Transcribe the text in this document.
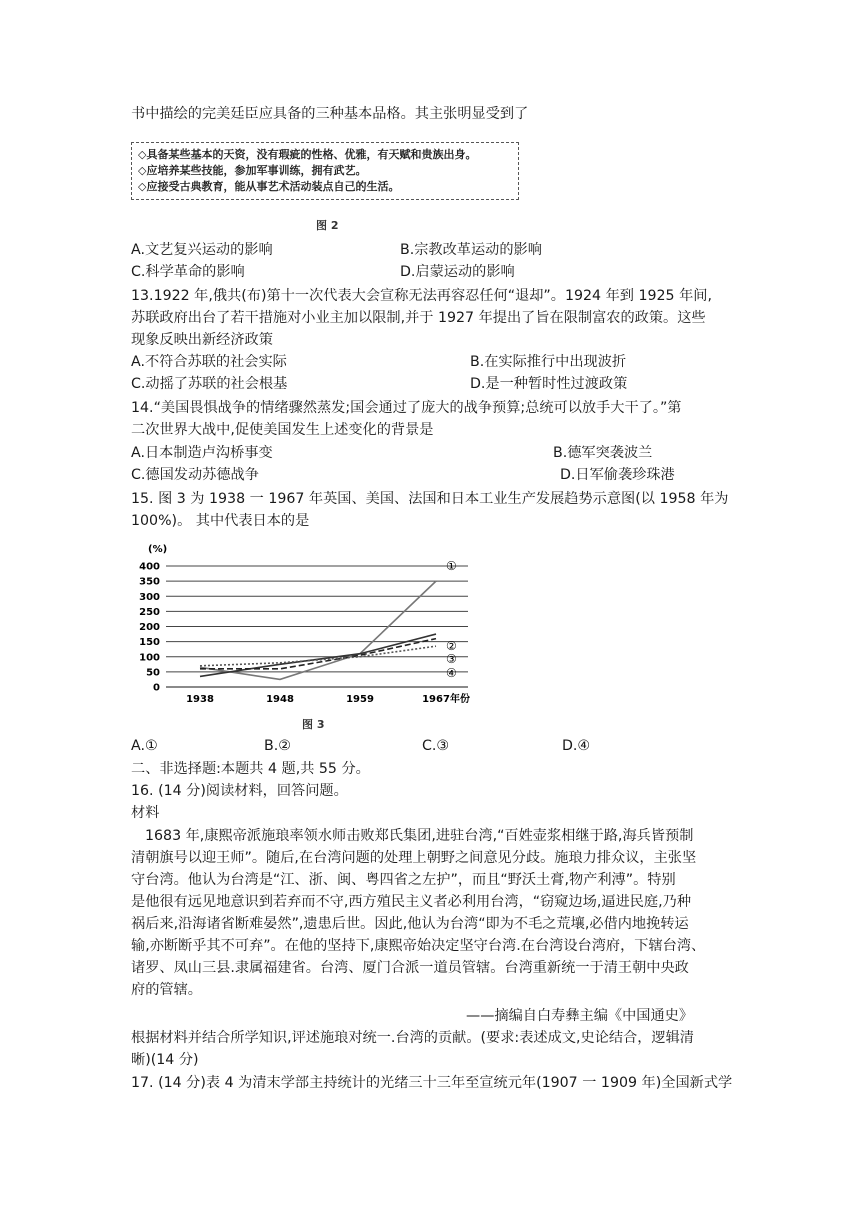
书中描绘的完美廷臣应具备的三种基本品格。其主张明显受到了
◇具备某些基本的天资，没有瑕疵的性格、优雅，有天赋和贵族出身。
◇应培养某些技能，参加军事训练，拥有武艺。
◇应接受古典教育，能从事艺术活动装点自己的生活。
图 2
A.文艺复兴运动的影响	B.宗教改革运动的影响
C.科学革命的影响	D.启蒙运动的影响
13.1922 年,俄共(布)第十一次代表大会宣称无法再容忍任何“退却”。1924 年到 1925 年间,
苏联政府出台了若干措施对小业主加以限制,并于 1927 年提出了旨在限制富农的政策。这些
现象反映出新经济政策
A.不符合苏联的社会实际	B.在实际推行中出现波折
C.动摇了苏联的社会根基	D.是一种暂时性过渡政策
14.“美国畏惧战争的情绪骤然蒸发;国会通过了庞大的战争预算;总统可以放手大干了。”第
二次世界大战中,促使美国发生上述变化的背景是
A.日本制造卢沟桥事变	B.德军突袭波兰
C.德国发动苏德战争	D.日军偷袭珍珠港
15. 图 3 为 1938 一 1967 年英国、美国、法国和日本工业生产发展趋势示意图(以 1958 年为
100%)。 其中代表日本的是
(%)
0
50
100
150
200
250
300
350
400
1938	1948	1959	1967
①
②
③
④
年份
图 3
A.①	B.②	C.③	D.④
二、非选择题:本题共 4 题,共 55 分。
16. (14 分)阅读材料，回答问题。
材料
1683 年,康熙帝派施琅率领水师击败郑氏集团,进驻台湾,“百姓壶浆相继于路,海兵皆预制
清朝旗号以迎王师”。随后,在台湾问题的处理上朝野之间意见分歧。施琅力排众议，主张坚
守台湾。他认为台湾是“江、浙、闽、粤四省之左护”，而且“野沃土膏,物产利溥”。特别
是他很有远见地意识到若弃而不守,西方殖民主义者必利用台湾，“窃窥边场,逼进民庭,乃种
祸后来,沿海诸省断难晏然”,遗患后世。因此,他认为台湾“即为不毛之荒壤,必借内地挽转运
输,亦断断乎其不可弃”。在他的坚持下,康熙帝始决定坚守台湾.在台湾设台湾府，下辖台湾、
诸罗、凤山三县.隶属福建省。台湾、厦门合派一道员管辖。台湾重新统一于清王朝中央政
府的管辖。
——摘编自白寿彝主编《中国通史》
根据材料并结合所学知识,评述施琅对统一.台湾的贡献。(要求:表述成文,史论结合，逻辑清
晰)(14 分)
17. (14 分)表 4 为清末学部主持统计的光绪三十三年至宣统元年(1907 一 1909 年)全国新式学
